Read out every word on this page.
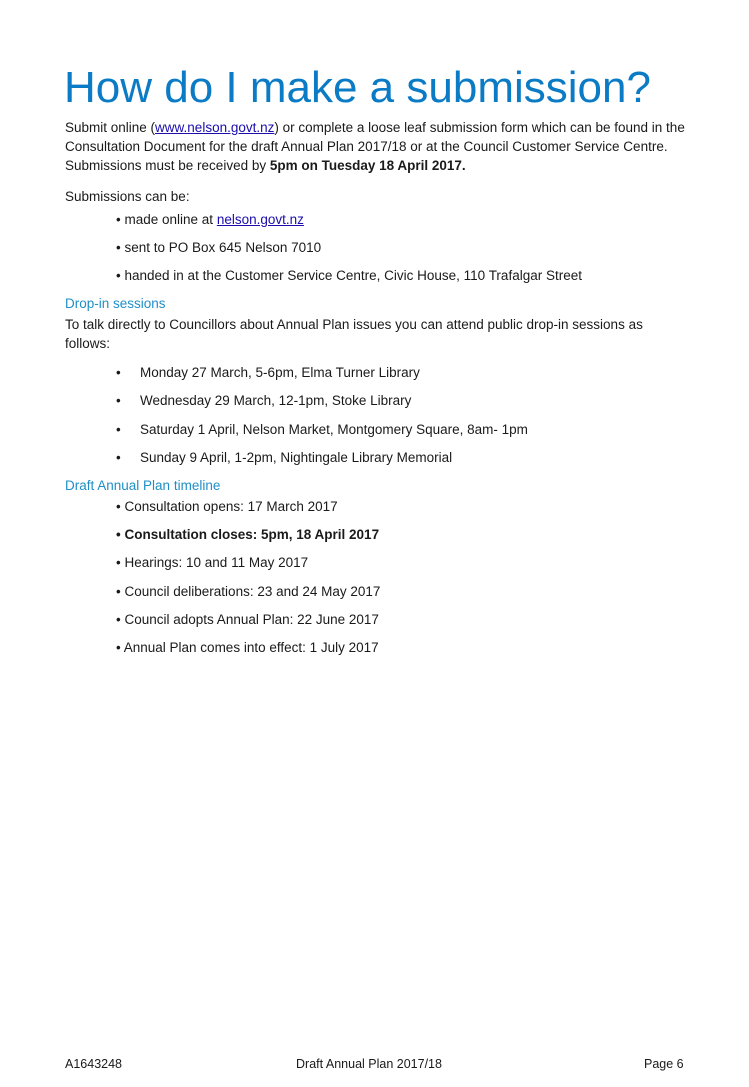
How do I make a submission?

Submit online (www.nelson.govt.nz) or complete a loose leaf submission form which can be found in the Consultation Document for the draft Annual Plan 2017/18 or at the Council Customer Service Centre. Submissions must be received by 5pm on Tuesday 18 April 2017.

Submissions can be:

• made online at nelson.govt.nz

• sent to PO Box 645 Nelson 7010

• handed in at the Customer Service Centre, Civic House, 110 Trafalgar Street

Drop-in sessions

To talk directly to Councillors about Annual Plan issues you can attend public drop-in sessions as follows:

• Monday 27 March, 5-6pm, Elma Turner Library

• Wednesday 29 March, 12-1pm, Stoke Library

• Saturday 1 April, Nelson Market, Montgomery Square, 8am- 1pm

• Sunday 9 April, 1-2pm, Nightingale Library Memorial

Draft Annual Plan timeline

• Consultation opens: 17 March 2017

• Consultation closes: 5pm, 18 April 2017

• Hearings: 10 and 11 May 2017

• Council deliberations: 23 and 24 May 2017

• Council adopts Annual Plan: 22 June 2017

• Annual Plan comes into effect: 1 July 2017

A1643248	Draft Annual Plan 2017/18	Page 6
